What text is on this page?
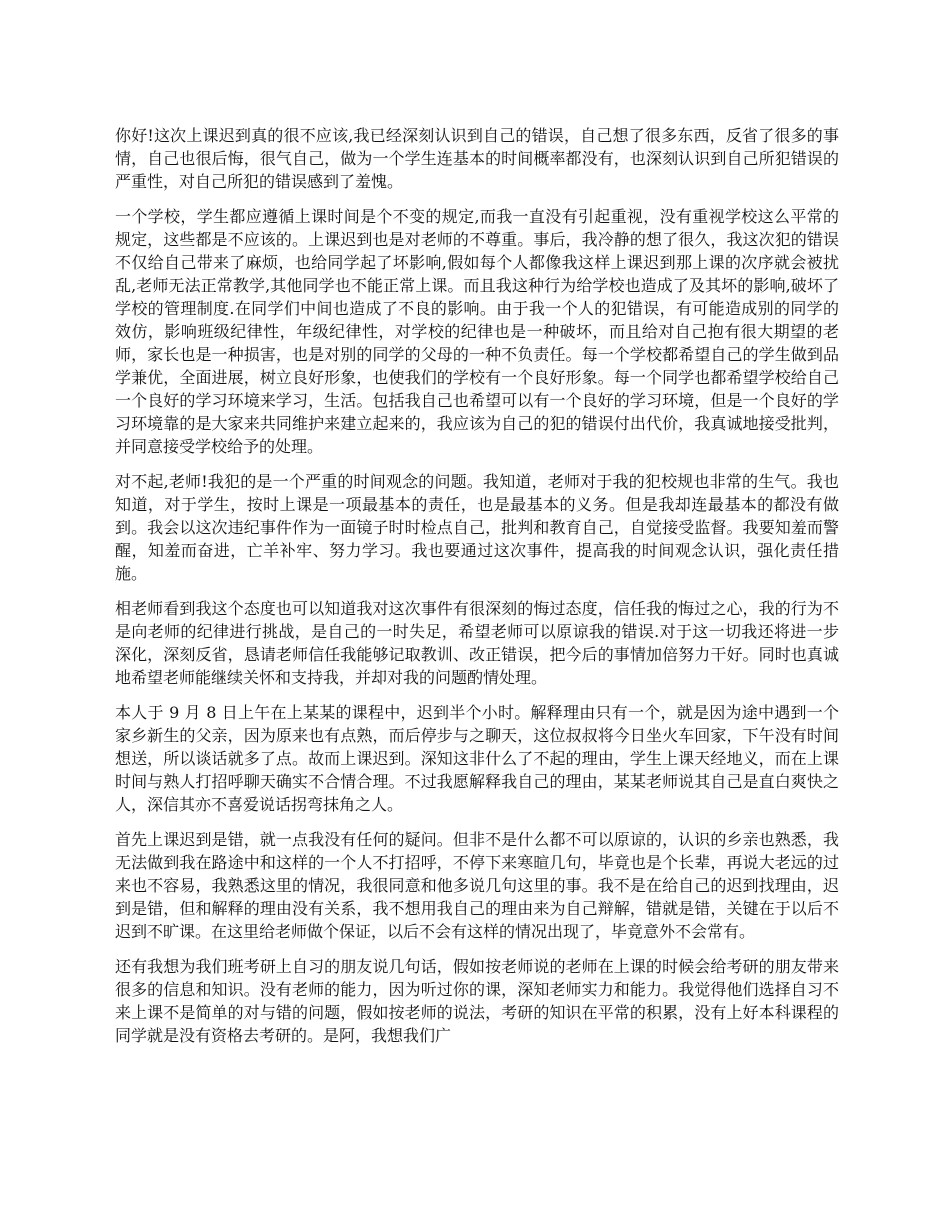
你好!这次上课迟到真的很不应该,我已经深刻认识到自己的错误，自己想了很多东西，反省了很多的事情，自己也很后悔，很气自己，做为一个学生连基本的时间概率都没有，也深刻认识到自己所犯错误的严重性，对自己所犯的错误感到了羞愧。

一个学校，学生都应遵循上课时间是个不变的规定,而我一直没有引起重视，没有重视学校这么平常的规定，这些都是不应该的。上课迟到也是对老师的不尊重。事后，我冷静的想了很久，我这次犯的错误不仅给自己带来了麻烦，也给同学起了坏影响,假如每个人都像我这样上课迟到那上课的次序就会被扰乱,老师无法正常教学,其他同学也不能正常上课。而且我这种行为给学校也造成了及其坏的影响,破坏了学校的管理制度.在同学们中间也造成了不良的影响。由于我一个人的犯错误，有可能造成别的同学的效仿，影响班级纪律性，年级纪律性，对学校的纪律也是一种破坏，而且给对自己抱有很大期望的老师，家长也是一种损害，也是对别的同学的父母的一种不负责任。每一个学校都希望自己的学生做到品学兼优，全面进展，树立良好形象，也使我们的学校有一个良好形象。每一个同学也都希望学校给自己一个良好的学习环境来学习，生活。包括我自己也希望可以有一个良好的学习环境，但是一个良好的学习环境靠的是大家来共同维护来建立起来的，我应该为自己的犯的错误付出代价，我真诚地接受批判，并同意接受学校给予的处理。

对不起,老师!我犯的是一个严重的时间观念的问题。我知道，老师对于我的犯校规也非常的生气。我也知道，对于学生，按时上课是一项最基本的责任，也是最基本的义务。但是我却连最基本的都没有做到。我会以这次违纪事件作为一面镜子时时检点自己，批判和教育自己，自觉接受监督。我要知羞而警醒，知羞而奋进，亡羊补牢、努力学习。我也要通过这次事件，提高我的时间观念认识，强化责任措施。

相老师看到我这个态度也可以知道我对这次事件有很深刻的悔过态度，信任我的悔过之心，我的行为不是向老师的纪律进行挑战，是自己的一时失足，希望老师可以原谅我的错误.对于这一切我还将进一步深化，深刻反省，恳请老师信任我能够记取教训、改正错误，把今后的事情加倍努力干好。同时也真诚地希望老师能继续关怀和支持我，并却对我的问题酌情处理。

本人于 9 月 8 日上午在上某某的课程中，迟到半个小时。解释理由只有一个，就是因为途中遇到一个家乡新生的父亲，因为原来也有点熟，而后停步与之聊天，这位叔叔将今日坐火车回家，下午没有时间想送，所以谈话就多了点。故而上课迟到。深知这非什么了不起的理由，学生上课天经地义，而在上课时间与熟人打招呼聊天确实不合情合理。不过我愿解释我自己的理由，某某老师说其自己是直白爽快之人，深信其亦不喜爱说话拐弯抹角之人。

首先上课迟到是错，就一点我没有任何的疑问。但非不是什么都不可以原谅的，认识的乡亲也熟悉，我无法做到我在路途中和这样的一个人不打招呼，不停下来寒暄几句，毕竟也是个长辈，再说大老远的过来也不容易，我熟悉这里的情况，我很同意和他多说几句这里的事。我不是在给自己的迟到找理由，迟到是错，但和解释的理由没有关系，我不想用我自己的理由来为自己辩解，错就是错，关键在于以后不迟到不旷课。在这里给老师做个保证，以后不会有这样的情况出现了，毕竟意外不会常有。

还有我想为我们班考研上自习的朋友说几句话，假如按老师说的老师在上课的时候会给考研的朋友带来很多的信息和知识。没有老师的能力，因为听过你的课，深知老师实力和能力。我觉得他们选择自习不来上课不是简单的对与错的问题，假如按老师的说法，考研的知识在平常的积累，没有上好本科课程的同学就是没有资格去考研的。是阿，我想我们广
